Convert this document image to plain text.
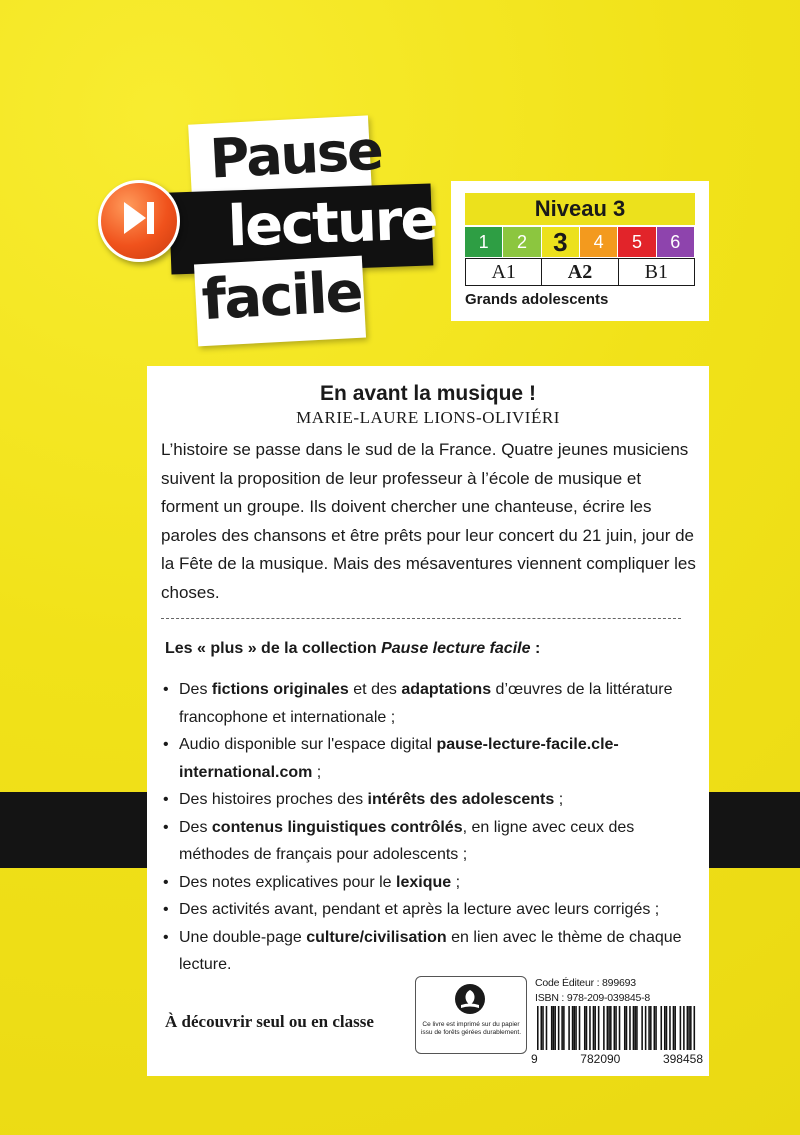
Pause
lecture
facile
Niveau 3
1	2	3	4	5	6
A1	A2	B1
Grands adolescents
En avant la musique !
MARIE-LAURE LIONS-OLIVIÉRI

L’histoire se passe dans le sud de la France. Quatre jeunes musiciens suivent la proposition de leur professeur à l’école de musique et forment un groupe. Ils doivent chercher une chanteuse, écrire les paroles des chansons et être prêts pour leur concert du 21 juin, jour de la Fête de la musique. Mais des mésaventures viennent compliquer les choses.

Les « plus » de la collection Pause lecture facile :
• Des fictions originales et des adaptations d’œuvres de la littérature francophone et internationale ;
• Audio disponible sur l'espace digital pause-lecture-facile.cle-international.com ;
• Des histoires proches des intérêts des adolescents ;
• Des contenus linguistiques contrôlés, en ligne avec ceux des méthodes de français pour adolescents ;
• Des notes explicatives pour le lexique ;
• Des activités avant, pendant et après la lecture avec leurs corrigés ;
• Une double-page culture/civilisation en lien avec le thème de chaque lecture.
À découvrir seul ou en classe	Ce livre est imprimé sur du papier issu de forêts gérées durablement.
Code Éditeur : 899693
ISBN : 978-209-039845-8
9	782090	398458
